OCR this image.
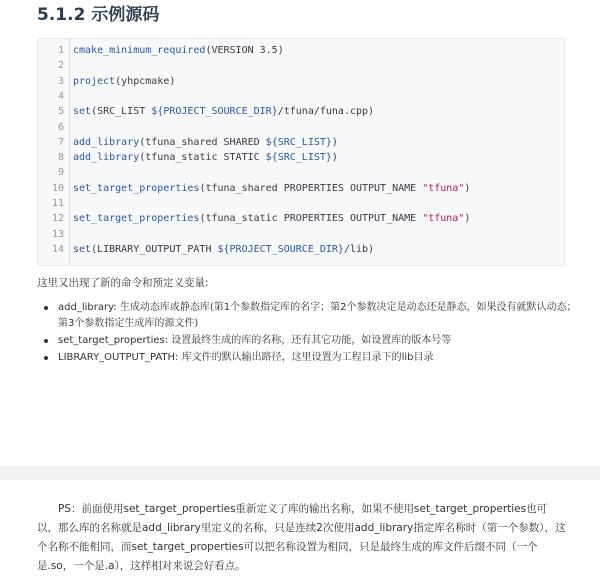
5.1.2 示例源码
1 cmake_minimum_required(VERSION 3.5)
2
3 project(yhpcmake)
4
5 set(SRC_LIST ${PROJECT_SOURCE_DIR}/tfuna/funa.cpp)
6
7 add_library(tfuna_shared SHARED ${SRC_LIST})
8 add_library(tfuna_static STATIC ${SRC_LIST})
9
10 set_target_properties(tfuna_shared PROPERTIES OUTPUT_NAME "tfuna")
11
12 set_target_properties(tfuna_static PROPERTIES OUTPUT_NAME "tfuna")
13
14 set(LIBRARY_OUTPUT_PATH ${PROJECT_SOURCE_DIR}/lib)

这里又出现了新的命令和预定义变量:

add_library: 生成动态库或静态库(第1个参数指定库的名字；第2个参数决定是动态还是静态，如果没有就默认动态；第3个参数指定生成库的源文件)
set_target_properties: 设置最终生成的库的名称，还有其它功能，如设置库的版本号等
LIBRARY_OUTPUT_PATH: 库文件的默认输出路径，这里设置为工程目录下的lib目录

PS：前面使用set_target_properties重新定义了库的输出名称，如果不使用set_target_properties也可以，那么库的名称就是add_library里定义的名称，只是连续2次使用add_library指定库名称时（第一个参数），这个名称不能相同，而set_target_properties可以把名称设置为相同，只是最终生成的库文件后缀不同（一个是.so，一个是.a），这样相对来说会好看点。
